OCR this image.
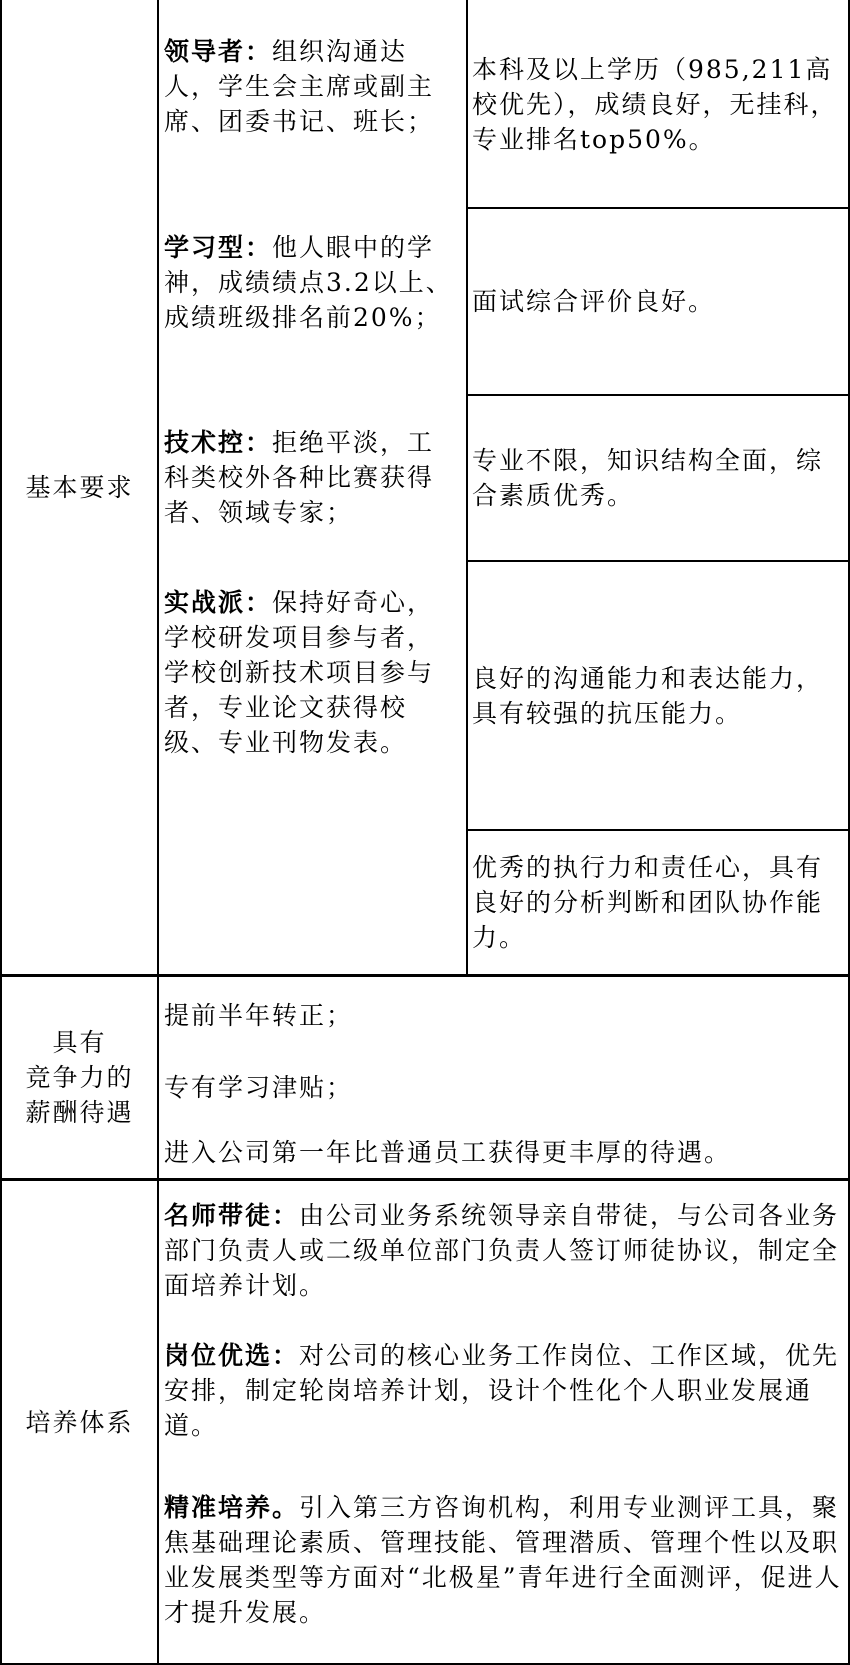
基本要求
领导者：组织沟通达人，学生会主席或副主席、团委书记、班长；
学习型：他人眼中的学神，成绩绩点3.2以上、成绩班级排名前20%；
技术控：拒绝平淡，工科类校外各种比赛获得者、领域专家；
实战派：保持好奇心，学校研发项目参与者，学校创新技术项目参与者，专业论文获得校级、专业刊物发表。
本科及以上学历（985,211高校优先），成绩良好，无挂科，专业排名top50%。
面试综合评价良好。
专业不限，知识结构全面，综合素质优秀。
良好的沟通能力和表达能力，具有较强的抗压能力。
优秀的执行力和责任心，具有良好的分析判断和团队协作能力。
具有
竞争力的
薪酬待遇
提前半年转正；
专有学习津贴；
进入公司第一年比普通员工获得更丰厚的待遇。
培养体系
名师带徒：由公司业务系统领导亲自带徒，与公司各业务部门负责人或二级单位部门负责人签订师徒协议，制定全面培养计划。
岗位优选：对公司的核心业务工作岗位、工作区域，优先安排，制定轮岗培养计划，设计个性化个人职业发展通道。
精准培养。引入第三方咨询机构，利用专业测评工具，聚焦基础理论素质、管理技能、管理潜质、管理个性以及职业发展类型等方面对“北极星”青年进行全面测评，促进人才提升发展。
